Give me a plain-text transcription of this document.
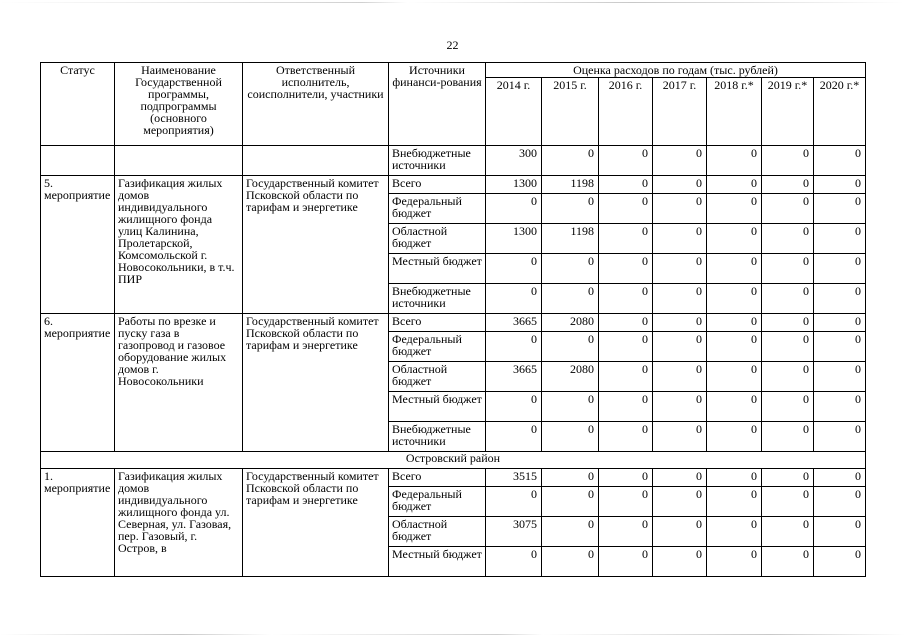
22
Статус	Наименование Государственной программы, подпрограммы (основного мероприятия)	Ответственный исполнитель, соисполнители, участники	Источники финанси-рования	Оценка расходов по годам (тыс. рублей)						
				2014 г.	2015 г.	2016 г.	2017 г.	2018 г.*	2019 г.*	2020 г.*
			Внебюджетные источники	300	0	0	0	0	0	0
5. мероприятие	Газификация жилых домов индивидуального жилищного фонда улиц Калинина, Пролетарской, Комсомольской г. Новосокольники, в т.ч. ПИР	Государственный комитет Псковской области по тарифам и энергетике	Всего	1300	1198	0	0	0	0	0
			Федеральный бюджет	0	0	0	0	0	0	0
			Областной бюджет	1300	1198	0	0	0	0	0
			Местный бюджет	0	0	0	0	0	0	0
			Внебюджетные источники	0	0	0	0	0	0	0
6. мероприятие	Работы по врезке и пуску газа в газопровод и газовое оборудование жилых домов г. Новосокольники	Государственный комитет Псковской области по тарифам и энергетике	Всего	3665	2080	0	0	0	0	0
			Федеральный бюджет	0	0	0	0	0	0	0
			Областной бюджет	3665	2080	0	0	0	0	0
			Местный бюджет	0	0	0	0	0	0	0
			Внебюджетные источники	0	0	0	0	0	0	0
Островский район										
1. мероприятие	Газификация жилых домов индивидуального жилищного фонда ул. Северная, ул. Газовая, пер. Газовый, г. Остров, в	Государственный комитет Псковской области по тарифам и энергетике	Всего	3515	0	0	0	0	0	0
			Федеральный бюджет	0	0	0	0	0	0	0
			Областной бюджет	3075	0	0	0	0	0	0
			Местный бюджет	0	0	0	0	0	0	0
